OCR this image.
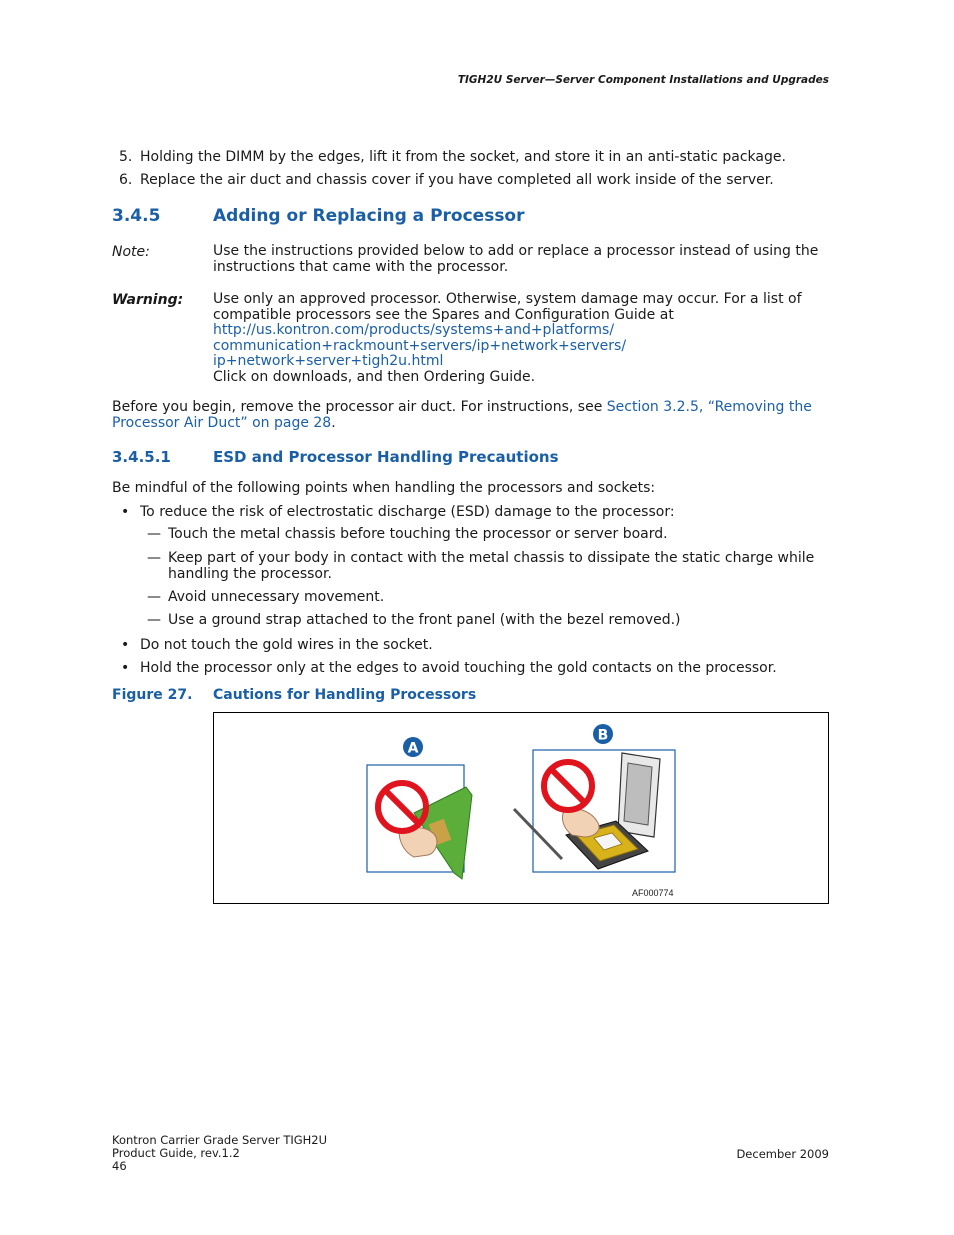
TIGH2U Server—Server Component Installations and Upgrades
5. Holding the DIMM by the edges, lift it from the socket, and store it in an anti-static package.
6. Replace the air duct and chassis cover if you have completed all work inside of the server.
3.4.5	Adding or Replacing a Processor
Note:	Use the instructions provided below to add or replace a processor instead of using the instructions that came with the processor.
Warning: Use only an approved processor. Otherwise, system damage may occur. For a list of compatible processors see the Spares and Configuration Guide at
http://us.kontron.com/products/systems+and+platforms/
communication+rackmount+servers/ip+network+servers/
ip+network+server+tigh2u.html
Click on downloads, and then Ordering Guide.
Before you begin, remove the processor air duct. For instructions, see Section 3.2.5, “Removing the Processor Air Duct” on page 28.
3.4.5.1	ESD and Processor Handling Precautions
Be mindful of the following points when handling the processors and sockets:
• To reduce the risk of electrostatic discharge (ESD) damage to the processor:
— Touch the metal chassis before touching the processor or server board.
— Keep part of your body in contact with the metal chassis to dissipate the static charge while handling the processor.
— Avoid unnecessary movement.
— Use a ground strap attached to the front panel (with the bezel removed.)
• Do not touch the gold wires in the socket.
• Hold the processor only at the edges to avoid touching the gold contacts on the processor.
Figure 27. Cautions for Handling Processors
A
B
AF000774
Kontron Carrier Grade Server TIGH2U
Product Guide, rev.1.2
46
December 2009
